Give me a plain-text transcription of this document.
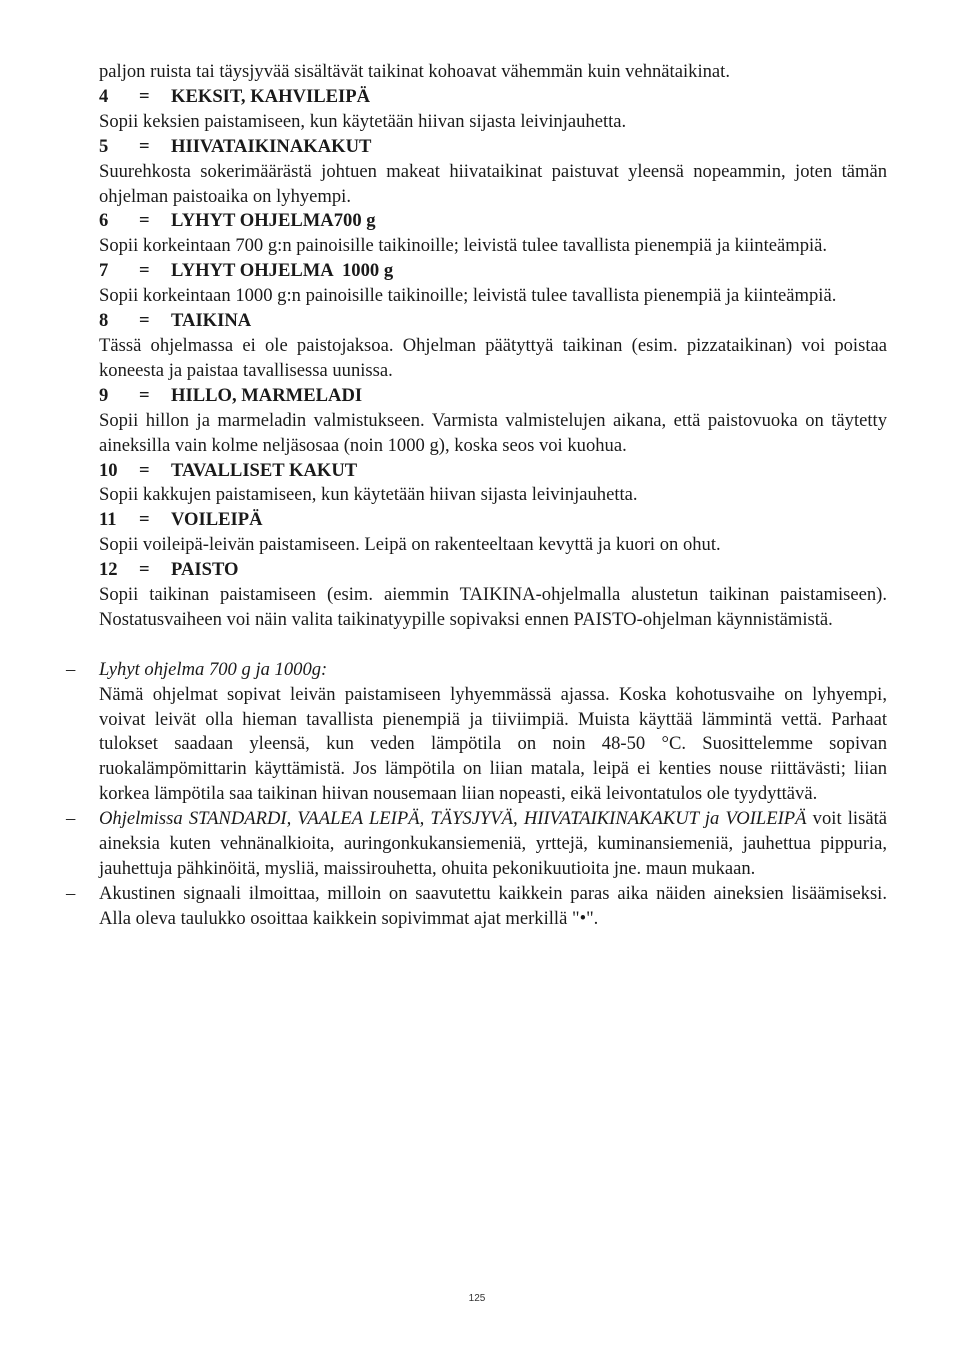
paljon ruista tai täysjyvää sisältävät taikinat kohoavat vähemmän kuin vehnätaikinat.

4 = KEKSIT, KAHVILEIPÄ
Sopii keksien paistamiseen, kun käytetään hiivan sijasta leivinjauhetta.
5 = HIIVATAIKINAKAKUT
Suurehkosta sokerimäärästä johtuen makeat hiivataikinat paistuvat yleensä nopeammin, joten tämän ohjelman paistoaika on lyhyempi.
6 = LYHYT OHJELMA700 g
Sopii korkeintaan 700 g:n painoisille taikinoille; leivistä tulee tavallista pienempiä ja kiinteämpiä.
7 = LYHYT OHJELMA  1000 g
Sopii korkeintaan 1000 g:n painoisille taikinoille; leivistä tulee tavallista pienempiä ja kiinteämpiä.
8 = TAIKINA
Tässä ohjelmassa ei ole paistojaksoa. Ohjelman päätyttyä taikinan (esim. pizzataikinan) voi poistaa koneesta ja paistaa tavallisessa uunissa.
9 = HILLO, MARMELADI
Sopii hillon ja marmeladin valmistukseen. Varmista valmistelujen aikana, että paistovuoka on täytetty aineksilla vain kolme neljäsosaa (noin 1000 g), koska seos voi kuohua.
10 = TAVALLISET KAKUT
Sopii kakkujen paistamiseen, kun käytetään hiivan sijasta leivinjauhetta.
11 = VOILEIPÄ
Sopii voileipä-leivän paistamiseen. Leipä on rakenteeltaan kevyttä ja kuori on ohut.
12 = PAISTO
Sopii taikinan paistamiseen (esim. aiemmin TAIKINA-ohjelmalla alustetun taikinan paistamiseen). Nostatusvaiheen voi näin valita taikinatyypille sopivaksi ennen PAISTO-ohjelman käynnistämistä.
– Lyhyt ohjelma 700 g ja 1000g:
Nämä ohjelmat sopivat leivän paistamiseen lyhyemmässä ajassa. Koska kohotusvaihe on lyhyempi, voivat leivät olla hieman tavallista pienempiä ja tiiviimpiä. Muista käyttää lämmintä vettä. Parhaat tulokset saadaan yleensä, kun veden lämpötila on noin 48-50 °C. Suosittelemme sopivan ruokalämpömittarin käyttämistä. Jos lämpötila on liian matala, leipä ei kenties nouse riittävästi; liian korkea lämpötila saa taikinan hiivan nousemaan liian nopeasti, eikä leivontatulos ole tyydyttävä.
– Ohjelmissa STANDARDI, VAALEA LEIPÄ, TÄYSJYVÄ, HIIVATAIKINAKAKUT ja VOILEIPÄ voit lisätä aineksia kuten vehnänalkioita, auringonkukansiemeniä, yrttejä, kuminansiemeniä, jauhettua pippuria, jauhettuja pähkinöitä, mysliä, maissirouhetta, ohuita pekonikuutioita jne. maun mukaan.
– Akustinen signaali ilmoittaa, milloin on saavutettu kaikkein paras aika näiden aineksien lisäämiseksi. Alla oleva taulukko osoittaa kaikkein sopivimmat ajat merkillä "•".
125
